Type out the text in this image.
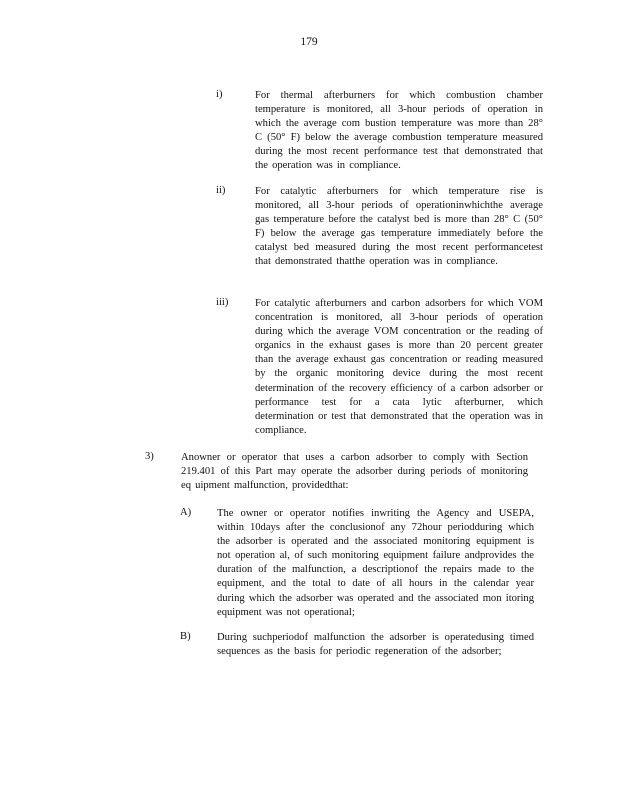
179
i)	For thermal afterburners for which combustion chamber temperature is monitored, all 3-hour periods of operation in which the average com bustion temperature was more than 28° C (50° F) below the average combustion temperature measured during the most recent performance test that demonstrated that the operation was in compliance.
ii)	For catalytic afterburners for which temperature rise is monitored, all 3-hour periods of operationinwhichthe average gas temperature before the catalyst bed is more than 28° C (50° F) below the average gas temperature immediately before the catalyst bed measured during the most recent performancetest that demonstrated thatthe operation was in compliance.
iii)	For catalytic afterburners and carbon adsorbers for which VOM concentration is monitored, all 3-hour periods of operation during which the average VOM concentration or the reading of organics in the exhaust gases is more than 20 percent greater than the average exhaust gas concentration or reading measured by the organic monitoring device during the most recent determination of the recovery efficiency of a carbon adsorber or performance test for a cata lytic afterburner, which determination or test that demonstrated that the operation was in compliance.
3)	Anowner or operator that uses a carbon adsorber to comply with Section 219.401 of this Part may operate the adsorber during periods of monitoring eq uipment malfunction, providedthat:
A) The owner or operator notifies inwriting the Agency and USEPA, within 10days after the conclusionof any 72hour periodduring which the adsorber is operated and the associated monitoring equipment is not operation al, of such monitoring equipment failure andprovides the duration of the malfunction, a descriptionof the repairs made to the equipment, and the total to date of all hours in the calendar year during which the adsorber was operated and the associated mon itoring equipment was not operational;
B) During suchperiodof malfunction the adsorber is operatedusing timed sequences as the basis for periodic regeneration of the adsorber;
